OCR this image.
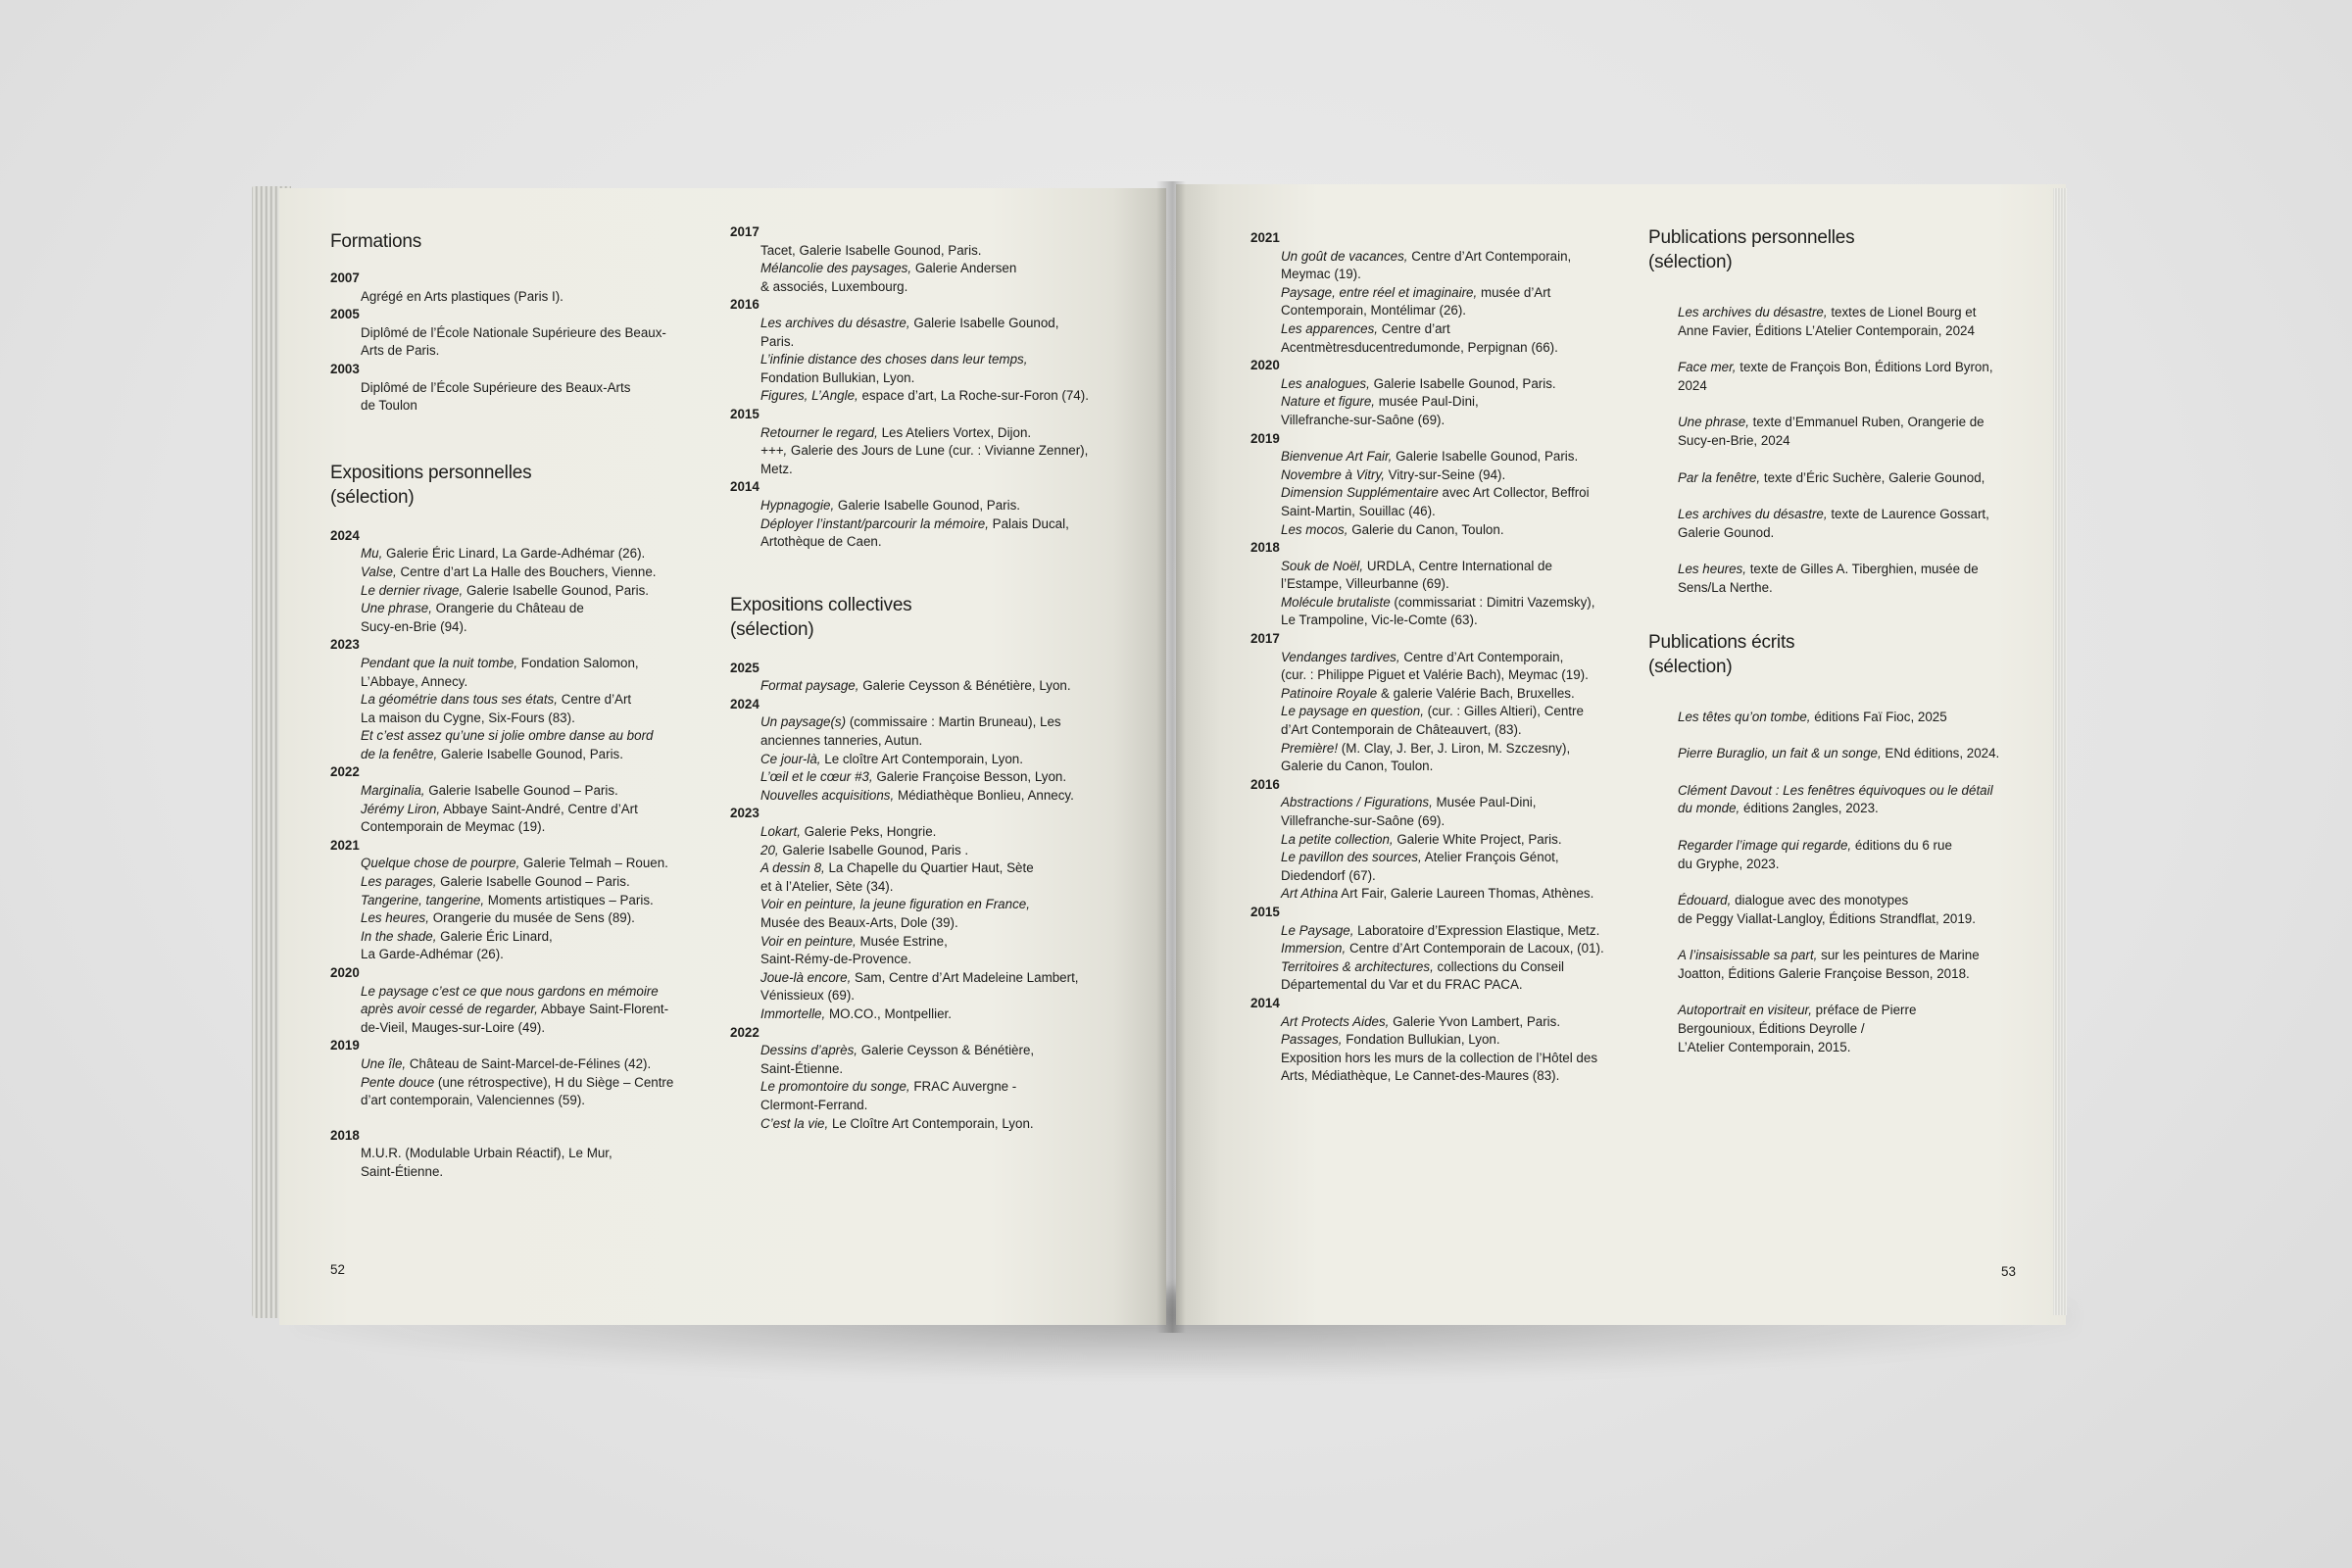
Formations
2007
Agrégé en Arts plastiques (Paris I).
2005
Diplômé de l’École Nationale Supérieure des Beaux-
Arts de Paris.
2003
Diplômé de l’École Supérieure des Beaux-Arts
de Toulon
Expositions personnelles
(sélection)
2024
Mu, Galerie Éric Linard, La Garde-Adhémar (26).
Valse, Centre d’art La Halle des Bouchers, Vienne.
Le dernier rivage, Galerie Isabelle Gounod, Paris.
Une phrase, Orangerie du Château de
Sucy-en-Brie (94).
2023
Pendant que la nuit tombe, Fondation Salomon,
L’Abbaye, Annecy.
La géométrie dans tous ses états, Centre d’Art
La maison du Cygne, Six-Fours (83).
Et c’est assez qu’une si jolie ombre danse au bord
de la fenêtre, Galerie Isabelle Gounod, Paris.
2022
Marginalia, Galerie Isabelle Gounod – Paris.
Jérémy Liron, Abbaye Saint-André, Centre d’Art
Contemporain de Meymac (19).
2021
Quelque chose de pourpre, Galerie Telmah – Rouen.
Les parages, Galerie Isabelle Gounod – Paris.
Tangerine, tangerine, Moments artistiques – Paris.
Les heures, Orangerie du musée de Sens (89).
In the shade, Galerie Éric Linard,
La Garde-Adhémar (26).
2020
Le paysage c’est ce que nous gardons en mémoire
après avoir cessé de regarder, Abbaye Saint-Florent-
de-Vieil, Mauges-sur-Loire (49).
2019
Une île, Château de Saint-Marcel-de-Félines (42).
Pente douce (une rétrospective), H du Siège – Centre
d’art contemporain, Valenciennes (59).
2018
M.U.R. (Modulable Urbain Réactif), Le Mur,
Saint-Étienne.
2017
Tacet, Galerie Isabelle Gounod, Paris.
Mélancolie des paysages, Galerie Andersen
& associés, Luxembourg.
2016
Les archives du désastre, Galerie Isabelle Gounod,
Paris.
L’infinie distance des choses dans leur temps,
Fondation Bullukian, Lyon.
Figures, L’Angle, espace d’art, La Roche-sur-Foron (74).
2015
Retourner le regard, Les Ateliers Vortex, Dijon.
+++, Galerie des Jours de Lune (cur. : Vivianne Zenner),
Metz.
2014
Hypnagogie, Galerie Isabelle Gounod, Paris.
Déployer l’instant/parcourir la mémoire, Palais Ducal,
Artothèque de Caen.
Expositions collectives
(sélection)
2025
Format paysage, Galerie Ceysson & Bénétière, Lyon.
2024
Un paysage(s) (commissaire : Martin Bruneau), Les
anciennes tanneries, Autun.
Ce jour-là, Le cloître Art Contemporain, Lyon.
L’œil et le cœur #3, Galerie Françoise Besson, Lyon.
Nouvelles acquisitions, Médiathèque Bonlieu, Annecy.
2023
Lokart, Galerie Peks, Hongrie.
20, Galerie Isabelle Gounod, Paris .
A dessin 8, La Chapelle du Quartier Haut, Sète
et à l’Atelier, Sète (34).
Voir en peinture, la jeune figuration en France,
Musée des Beaux-Arts, Dole (39).
Voir en peinture, Musée Estrine,
Saint-Rémy-de-Provence.
Joue-là encore, Sam, Centre d’Art Madeleine Lambert,
Vénissieux (69).
Immortelle, MO.CO., Montpellier.
2022
Dessins d’après, Galerie Ceysson & Bénétière,
Saint-Étienne.
Le promontoire du songe, FRAC Auvergne -
Clermont-Ferrand.
C’est la vie, Le Cloître Art Contemporain, Lyon.
52
2021
Un goût de vacances, Centre d’Art Contemporain,
Meymac (19).
Paysage, entre réel et imaginaire, musée d’Art
Contemporain, Montélimar (26).
Les apparences, Centre d’art
Acentmètresducentredumonde, Perpignan (66).
2020
Les analogues, Galerie Isabelle Gounod, Paris.
Nature et figure, musée Paul-Dini,
Villefranche-sur-Saône (69).
2019
Bienvenue Art Fair, Galerie Isabelle Gounod, Paris.
Novembre à Vitry, Vitry-sur-Seine (94).
Dimension Supplémentaire avec Art Collector, Beffroi
Saint-Martin, Souillac (46).
Les mocos, Galerie du Canon, Toulon.
2018
Souk de Noël, URDLA, Centre International de
l’Estampe, Villeurbanne (69).
Molécule brutaliste (commissariat : Dimitri Vazemsky),
Le Trampoline, Vic-le-Comte (63).
2017
Vendanges tardives, Centre d’Art Contemporain,
(cur. : Philippe Piguet et Valérie Bach), Meymac (19).
Patinoire Royale & galerie Valérie Bach, Bruxelles.
Le paysage en question, (cur. : Gilles Altieri), Centre
d’Art Contemporain de Châteauvert, (83).
Première! (M. Clay, J. Ber, J. Liron, M. Szczesny),
Galerie du Canon, Toulon.
2016
Abstractions / Figurations, Musée Paul-Dini,
Villefranche-sur-Saône (69).
La petite collection, Galerie White Project, Paris.
Le pavillon des sources, Atelier François Génot,
Diedendorf (67).
Art Athina Art Fair, Galerie Laureen Thomas, Athènes.
2015
Le Paysage, Laboratoire d’Expression Elastique, Metz.
Immersion, Centre d’Art Contemporain de Lacoux, (01).
Territoires & architectures, collections du Conseil
Départemental du Var et du FRAC PACA.
2014
Art Protects Aides, Galerie Yvon Lambert, Paris.
Passages, Fondation Bullukian, Lyon.
Exposition hors les murs de la collection de l’Hôtel des
Arts, Médiathèque, Le Cannet-des-Maures (83).
Publications personnelles
(sélection)

Les archives du désastre, textes de Lionel Bourg et
Anne Favier, Éditions L’Atelier Contemporain, 2024

Face mer, texte de François Bon, Éditions Lord Byron,
2024

Une phrase, texte d’Emmanuel Ruben, Orangerie de
Sucy-en-Brie, 2024

Par la fenêtre, texte d’Éric Suchère, Galerie Gounod,

Les archives du désastre, texte de Laurence Gossart,
Galerie Gounod.

Les heures, texte de Gilles A. Tiberghien, musée de
Sens/La Nerthe.

Publications écrits
(sélection)

Les têtes qu’on tombe, éditions Faï Fioc, 2025

Pierre Buraglio, un fait & un songe, ENd éditions, 2024.

Clément Davout : Les fenêtres équivoques ou le détail
du monde, éditions 2angles, 2023.

Regarder l’image qui regarde, éditions du 6 rue
du Gryphe, 2023.

Édouard, dialogue avec des monotypes
de Peggy Viallat-Langloy, Éditions Strandflat, 2019.

A l’insaisissable sa part, sur les peintures de Marine
Joatton, Éditions Galerie Françoise Besson, 2018.

Autoportrait en visiteur, préface de Pierre
Bergounioux, Éditions Deyrolle /
L’Atelier Contemporain, 2015.

53
